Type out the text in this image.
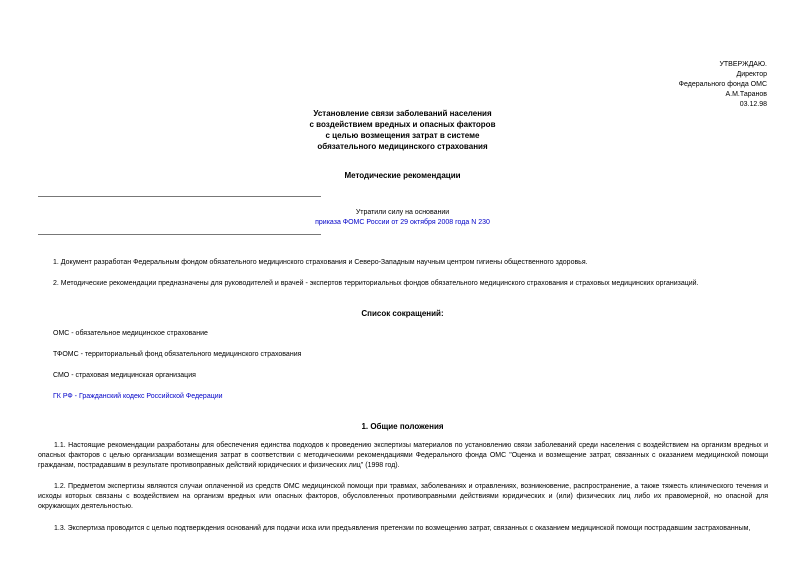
УТВЕРЖДАЮ.
Директор
Федерального фонда ОМС
А.М.Таранов
03.12.98
Установление связи заболеваний населения
с воздействием вредных и опасных факторов
с целью возмещения затрат в системе
обязательного медицинского страхования
Методические рекомендации
Утратили силу на основании
приказа ФОМС России от 29 октября 2008 года N 230
1. Документ разработан Федеральным фондом обязательного медицинского страхования и Северо-Западным научным центром гигиены общественного здоровья.
2. Методические рекомендации предназначены для руководителей и врачей - экспертов территориальных фондов обязательного медицинского страхования и страховых медицинских организаций.
Список сокращений:
ОМС - обязательное медицинское страхование
ТФОМС - территориальный фонд обязательного медицинского страхования
СМО - страховая медицинская организация
ГК РФ - Гражданский кодекс Российской Федерации
1. Общие положения
1.1. Настоящие рекомендации разработаны для обеспечения единства подходов к проведению экспертизы материалов по установлению связи заболеваний среди населения с воздействием на организм вредных и опасных факторов с целью организации возмещения затрат в соответствии с методическими рекомендациями Федерального фонда ОМС "Оценка и возмещение затрат, связанных с оказанием медицинской помощи гражданам, пострадавшим в результате противоправных действий юридических и физических лиц" (1998 год).
1.2. Предметом экспертизы являются случаи оплаченной из средств ОМС медицинской помощи при травмах, заболеваниях и отравлениях, возникновение, распространение, а также тяжесть клинического течения и исходы которых связаны с воздействием на организм вредных или опасных факторов, обусловленных противоправными действиями юридических и (или) физических лиц либо их правомерной, но опасной для окружающих деятельностью.
1.3. Экспертиза проводится с целью подтверждения оснований для подачи иска или предъявления претензии по возмещению затрат, связанных с оказанием медицинской помощи пострадавшим застрахованным,
